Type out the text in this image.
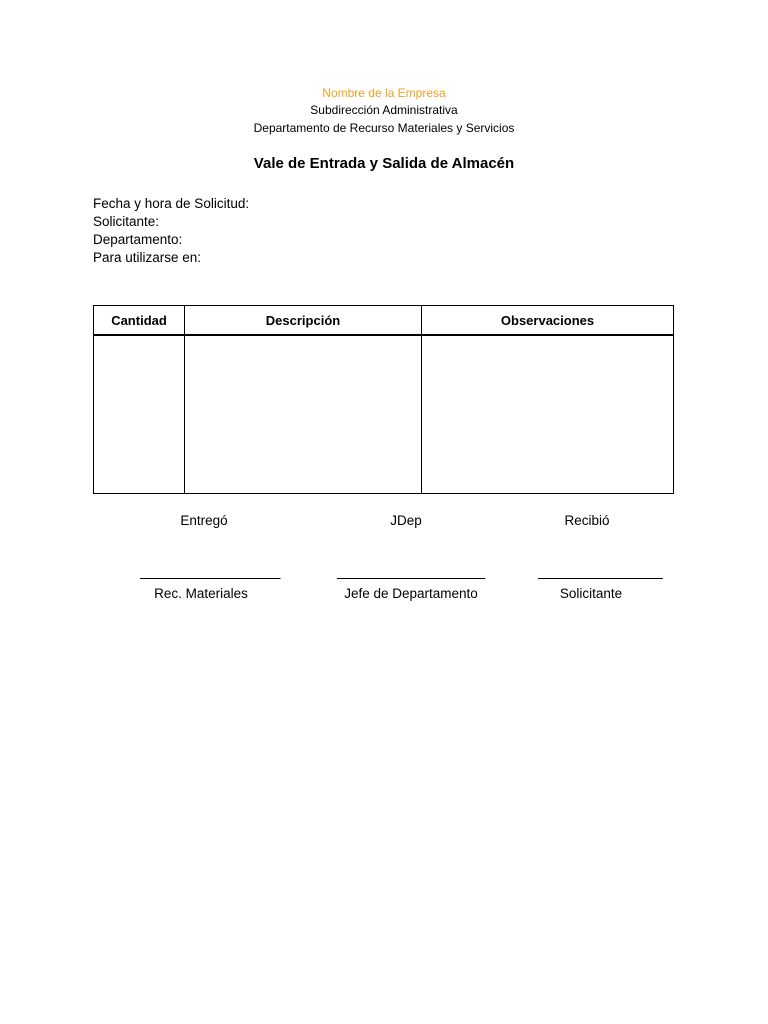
Nombre de la Empresa
Subdirección Administrativa
Departamento de Recurso Materiales y Servicios
Vale de Entrada y Salida de Almacén
Fecha y hora de Solicitud:
Solicitante:
Departamento:
Para utilizarse en:
Cantidad	Descripción	Observaciones

Entregó	JDep	Recibió
_____ ____________	_____ ___________ _	________________
Rec. Materiales	Jefe de Departamento	Solicitante
